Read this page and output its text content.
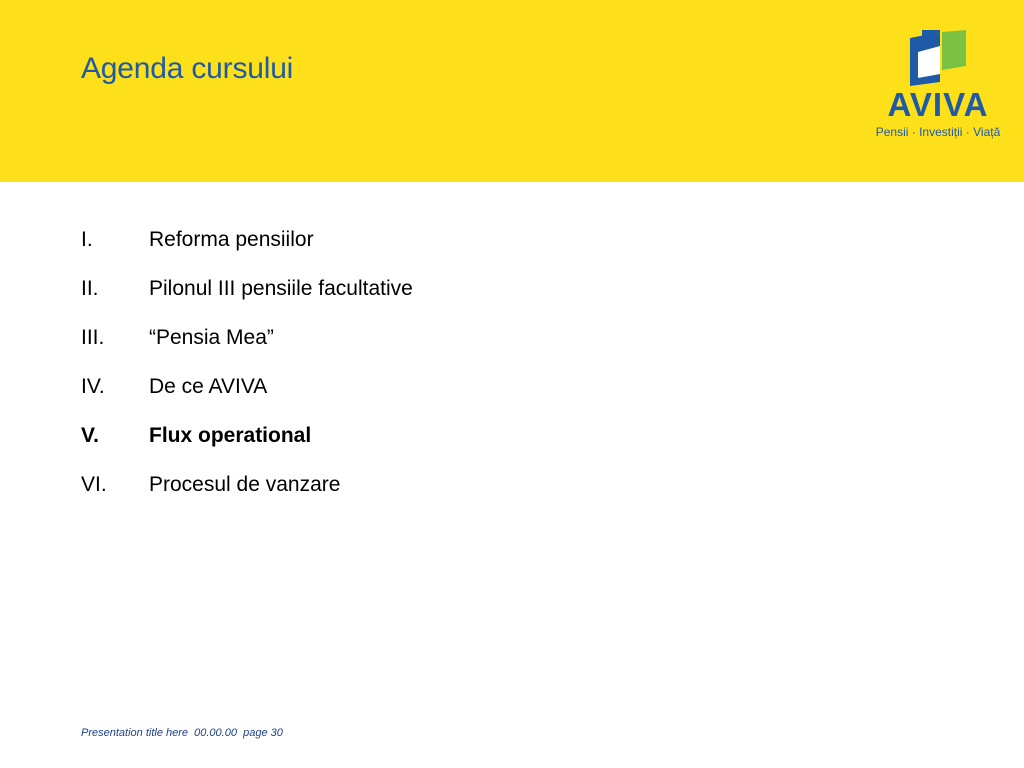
Agenda cursului
AVIVA
Pensii · Investiții · Viață
I.	Reforma pensiilor
II. Pilonul III pensiile facultative
III. “Pensia Mea”
IV. De ce AVIVA
V. Flux operational
VI. Procesul de vanzare
Presentation title here 00.00.00 page 30
